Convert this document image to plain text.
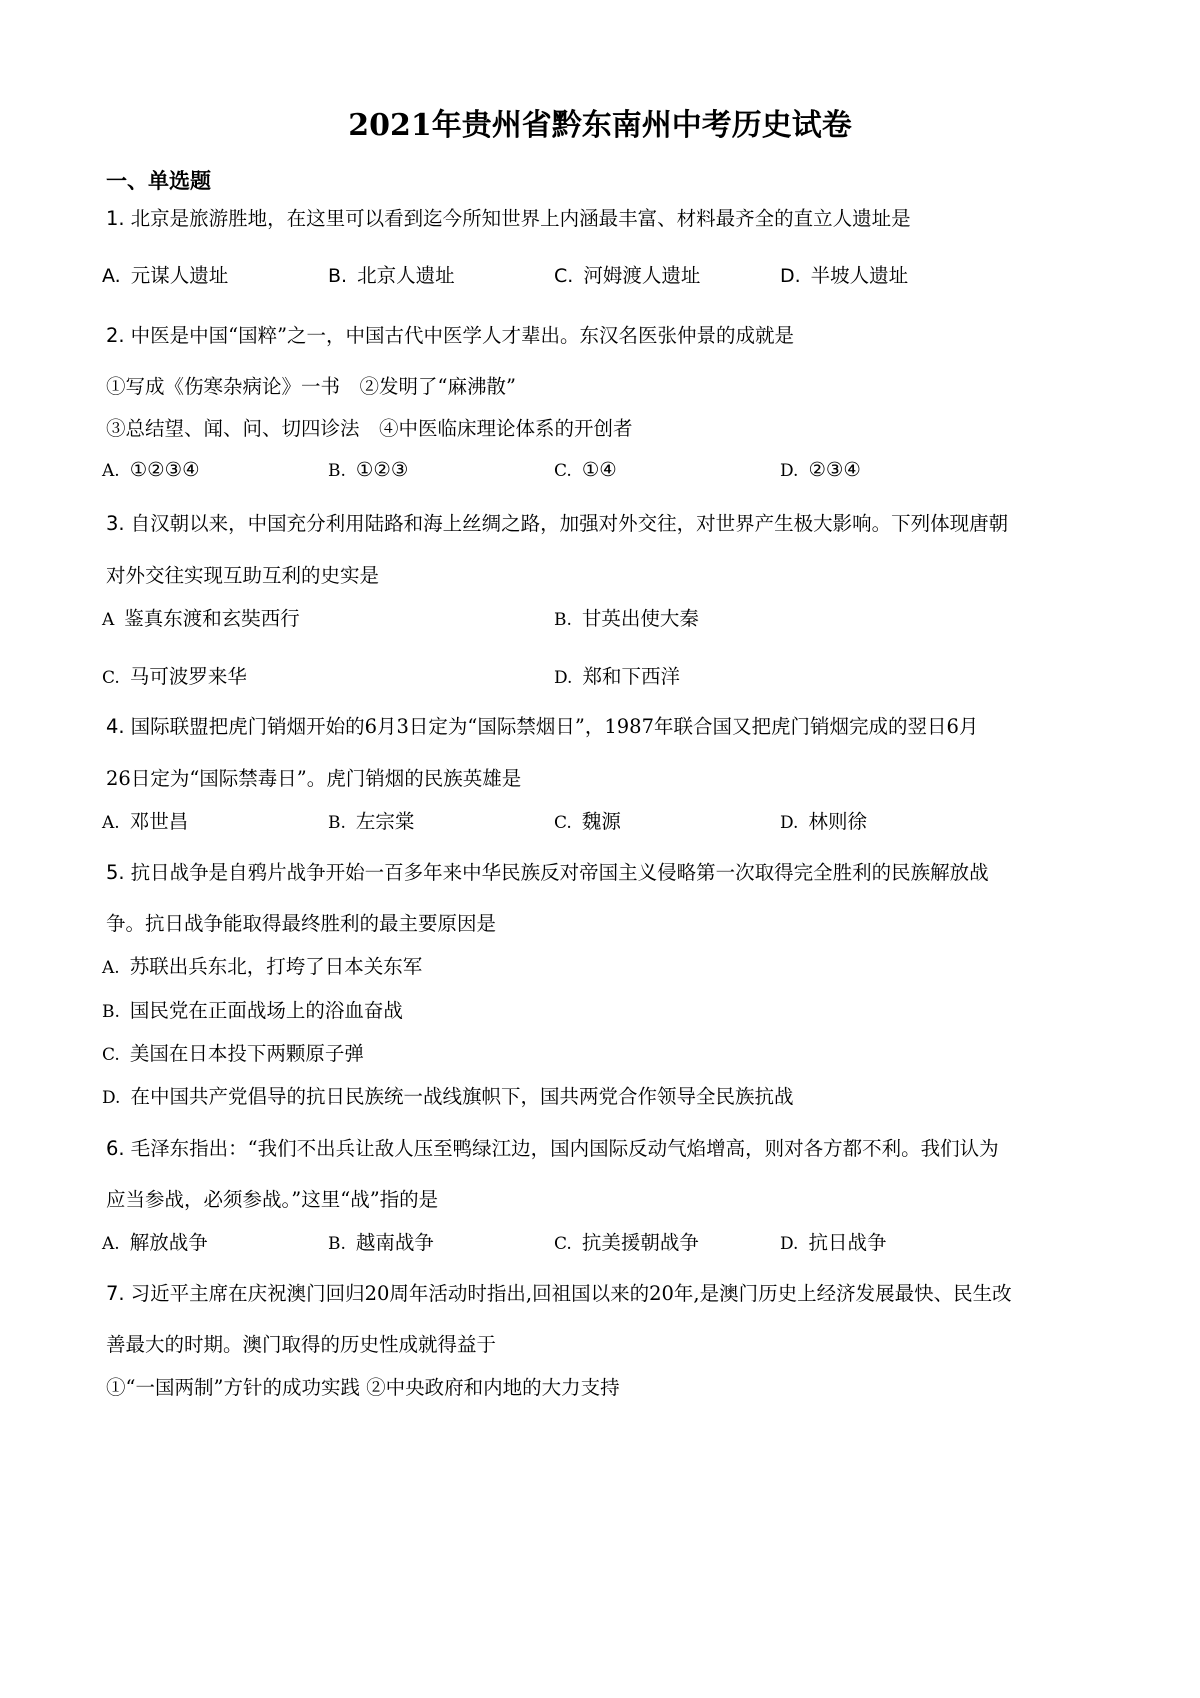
2021年贵州省黔东南州中考历史试卷
一、单选题

1. 北京是旅游胜地，在这里可以看到迄今所知世界上内涵最丰富、材料最齐全的直立人遗址是

A. 元谋人遗址	B. 北京人遗址	C. 河姆渡人遗址	D. 半坡人遗址

2. 中医是中国“国粹”之一，中国古代中医学人才辈出。东汉名医张仲景的成就是

①写成《伤寒杂病论》一书　②发明了“麻沸散”

③总结望、闻、问、切四诊法　④中医临床理论体系的开创者

A. ①②③④	B. ①②③	C. ①④	D. ②③④

3. 自汉朝以来，中国充分利用陆路和海上丝绸之路，加强对外交往，对世界产生极大影响。下列体现唐朝

对外交往实现互助互利的史实是

A 鉴真东渡和玄奘西行	B. 甘英出使大秦
C. 马可波罗来华	D. 郑和下西洋

4. 国际联盟把虎门销烟开始的6月3日定为“国际禁烟日”，1987年联合国又把虎门销烟完成的翌日6月

26日定为“国际禁毒日”。虎门销烟的民族英雄是

A. 邓世昌	B. 左宗棠	C. 魏源	D. 林则徐

5. 抗日战争是自鸦片战争开始一百多年来中华民族反对帝国主义侵略第一次取得完全胜利的民族解放战

争。抗日战争能取得最终胜利的最主要原因是

A. 苏联出兵东北，打垮了日本关东军
B. 国民党在正面战场上的浴血奋战
C. 美国在日本投下两颗原子弹
D. 在中国共产党倡导的抗日民族统一战线旗帜下，国共两党合作领导全民族抗战

6. 毛泽东指出：“我们不出兵让敌人压至鸭绿江边，国内国际反动气焰增高，则对各方都不利。我们认为

应当参战，必须参战。”这里“战”指的是

A. 解放战争	B. 越南战争	C. 抗美援朝战争	D. 抗日战争

7. 习近平主席在庆祝澳门回归20周年活动时指出,回祖国以来的20年,是澳门历史上经济发展最快、民生改

善最大的时期。澳门取得的历史性成就得益于

①“一国两制”方针的成功实践 ②中央政府和内地的大力支持
